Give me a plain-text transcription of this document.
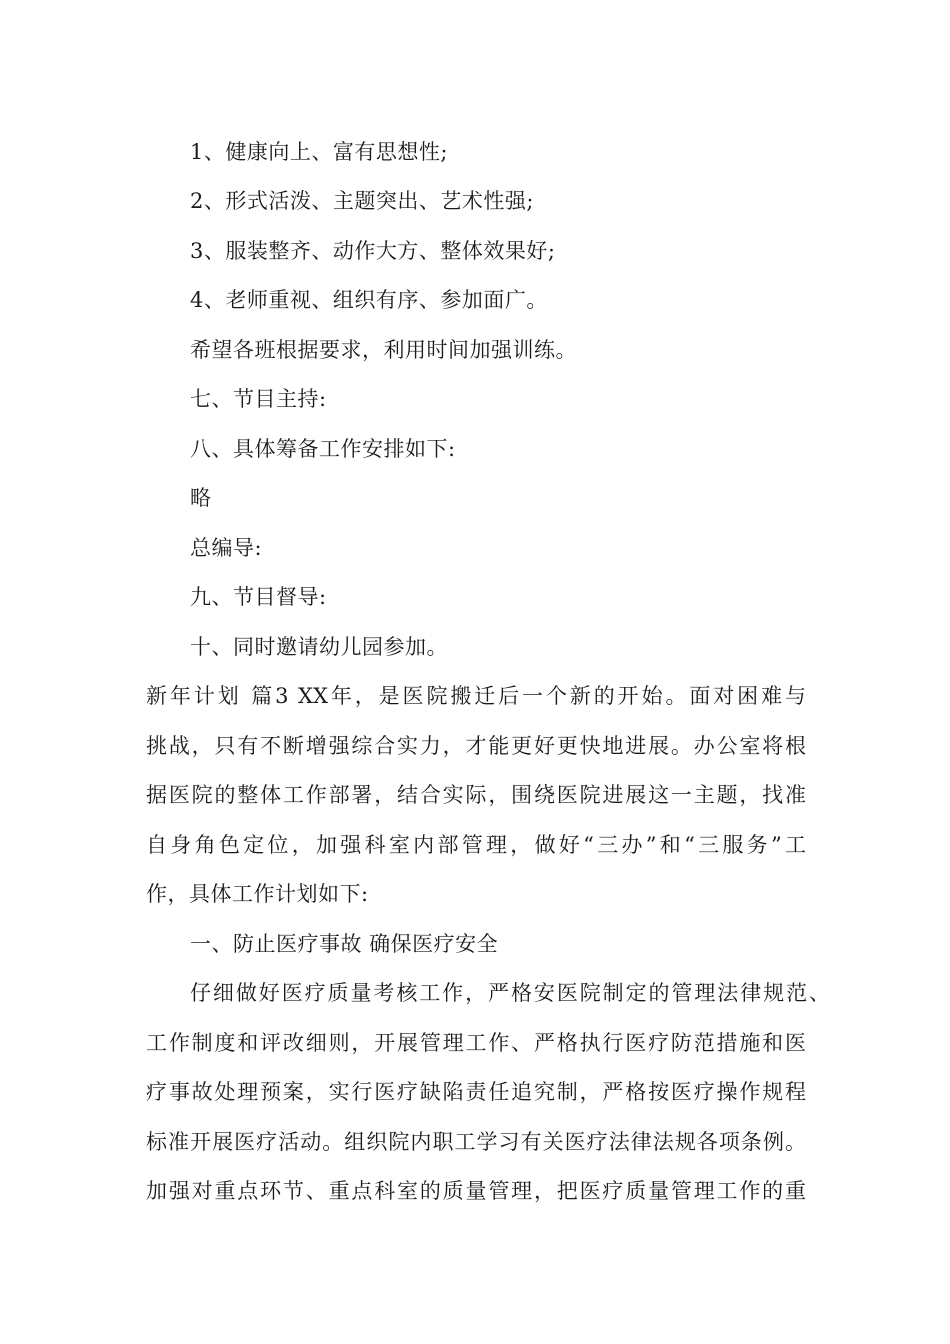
1、健康向上、富有思想性;
2、形式活泼、主题突出、艺术性强;
3、服装整齐、动作大方、整体效果好;
4、老师重视、组织有序、参加面广。
希望各班根据要求，利用时间加强训练。
七、节目主持:
八、具体筹备工作安排如下:
略
总编导:
九、节目督导:
十、同时邀请幼儿园参加。
新年计划 篇3 XX年，是医院搬迁后一个新的开始。面对困难与
挑战，只有不断增强综合实力，才能更好更快地进展。办公室将根
据医院的整体工作部署，结合实际，围绕医院进展这一主题，找准
自身角色定位，加强科室内部管理，做好“三办”和“三服务”工
作，具体工作计划如下:
一、防止医疗事故 确保医疗安全
仔细做好医疗质量考核工作，严格安医院制定的管理法律规范、
工作制度和评改细则，开展管理工作、严格执行医疗防范措施和医
疗事故处理预案，实行医疗缺陷责任追究制，严格按医疗操作规程
标准开展医疗活动。组织院内职工学习有关医疗法律法规各项条例。
加强对重点环节、重点科室的质量管理，把医疗质量管理工作的重
